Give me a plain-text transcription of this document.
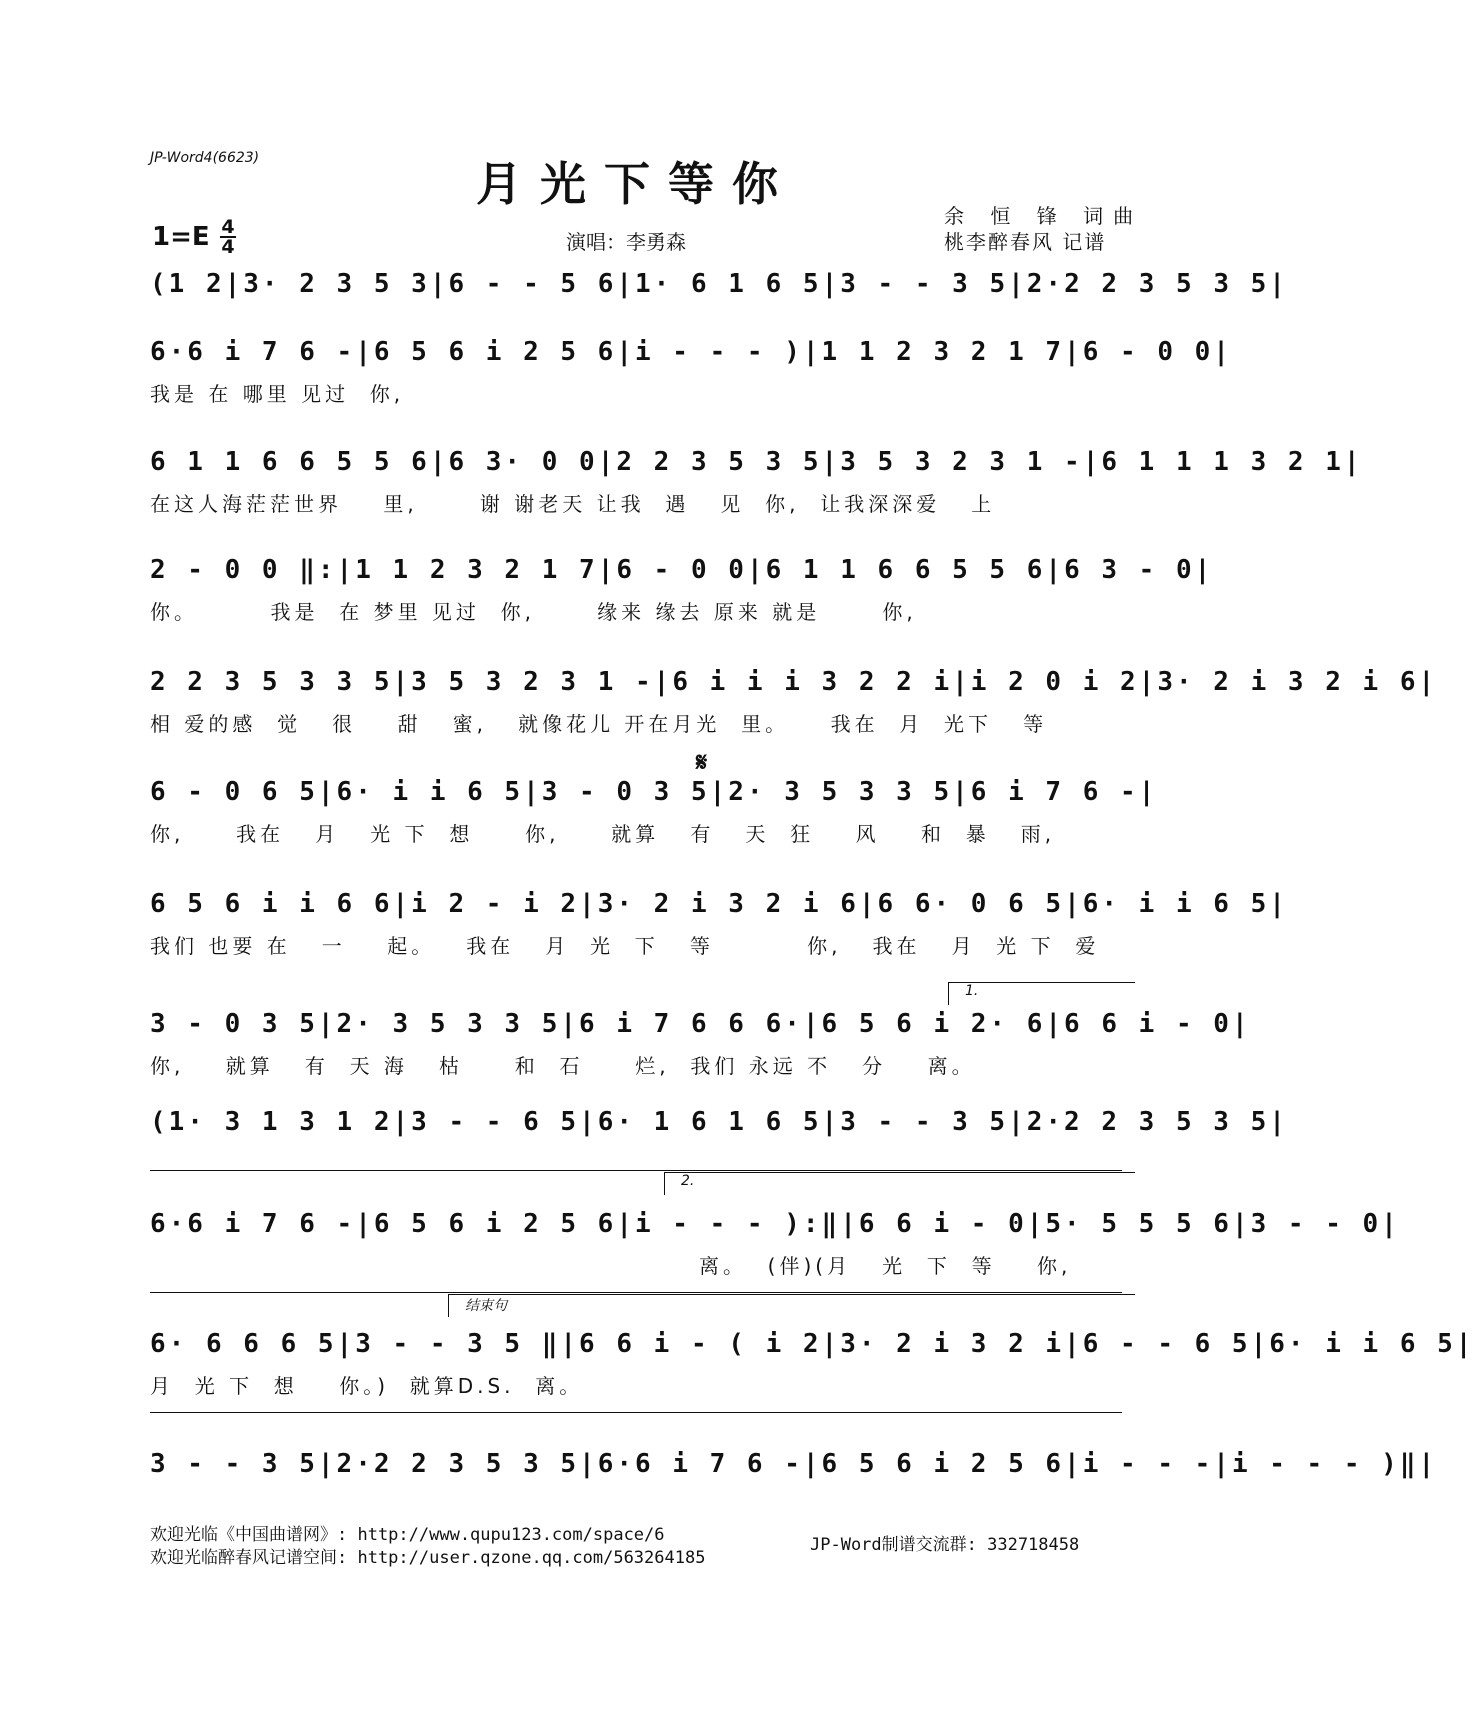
JP-Word4(6623)	月光下等你
余 恒 锋 词曲
桃李醉春风 记谱
演唱：李勇森
1=E 4
4
𝄋
(1 2 | 3· 2 3 5 3 | 6 - - 5 6 | 1· 6 1 6 5 | 3 - - 3 5 | 2·2 2 3 5 3 5 |
6·6 i 7 6 - | 6 5 6 i 2 5 6 | i - - - ) | 1 1 2 3 2 1 7 | 6 - 0 0 |
我是 在 哪里 见过  你,
6 1 1 6 6 5 5 6 | 6 3· 0 0 | 2 2 3 5 3 5 | 3 5 3 2 3 1 - | 6 1 1 1 3 2 1 |
在这人海茫茫世界    里,      谢 谢老天 让我  遇   见  你,  让我深深爱   上
2 - 0 0 ‖: | 1 1 2 3 2 1 7 | 6 - 0 0 | 6 1 1 6 6 5 5 6 | 6 3 - 0 |
你。       我是  在 梦里 见过  你,      缘来 缘去 原来 就是      你,
2 2 3 5 3 3 5 | 3 5 3 2 3 1 - | 6 i i i 3 2 2 i | i 2 0 i 2 | 3· 2 i 3 2 i 6 |
相 爱的感  觉   很    甜   蜜,   就像花儿 开在月光  里。    我在  月  光下   等
6 - 0 6 5 | 6· i i 6 5 | 3 - 0 3 5 | 2· 3 5 3 3 5 | 6 i 7 6 - |
你,     我在   月   光 下  想     你,     就算   有   天  狂    风    和  暴   雨,
6 5 6 i i 6 6 | i 2 - i 2 | 3· 2 i 3 2 i 6 | 6 6· 0 6 5 | 6· i i 6 5 |
我们 也要 在   一    起。   我在   月  光  下   等         你,   我在   月  光 下  爱
3 - 0 3 5 | 2· 3 5 3 3 5 | 6 i 7 6 6 6· | 6 5 6 i 2· 6 | 6 6 i - 0 |
你,    就算   有  天 海   枯     和  石     烂,  我们 永远 不   分    离。
(1· 3 1 3 1 2 | 3 - - 6 5 | 6· 1 6 1 6 5 | 3 - - 3 5 | 2·2 2 3 5 3 5 |
6·6 i 7 6 - | 6 5 6 i 2 5 6 | i - - - ):‖ | 6 6 i - 0 | 5· 5 5 5 6 | 3 - - 0 |
离。  (伴)(月   光  下  等    你,
6· 6 6 6 5 | 3 - - 3 5 ‖ | 6 6 i - ( i 2 | 3· 2 i 3 2 i | 6 - - 6 5 | 6· i i 6 5 |
月  光 下  想    你。)  就算D.S.  离。
3 - - 3 5 | 2·2 2 3 5 3 5 | 6·6 i 7 6 - | 6 5 6 i 2 5 6 | i - - - | i - - - )‖ |
1.
2.
结束句
欢迎光临《中国曲谱网》: http://www.qupu123.com/space/6
欢迎光临醉春风记谱空间: http://user.qzone.qq.com/563264185
JP-Word制谱交流群: 332718458
